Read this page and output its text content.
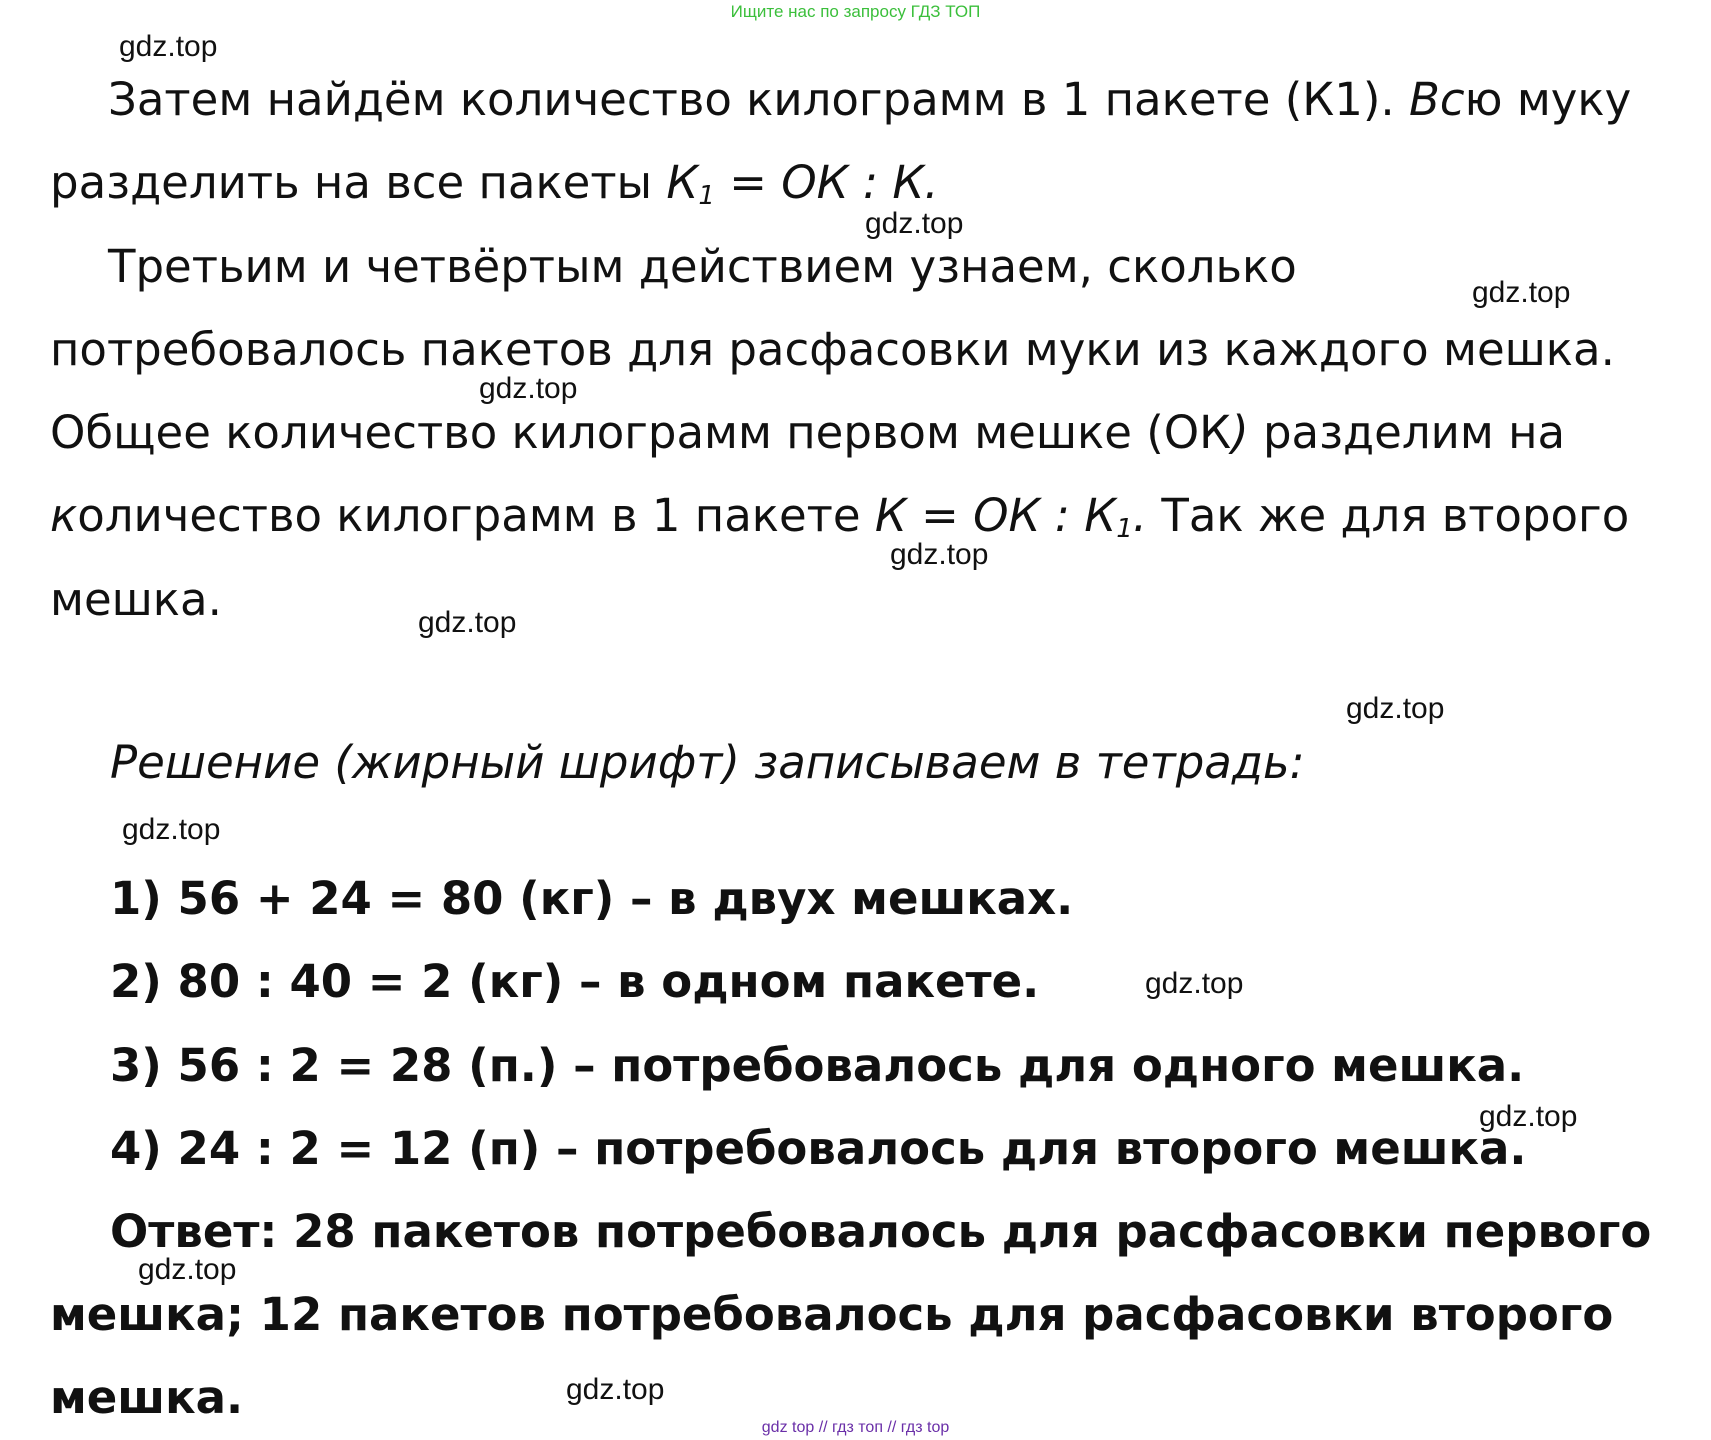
Ищите нас по запросу ГДЗ ТОП
gdz.top
gdz.top
gdz.top
gdz.top
gdz.top
gdz.top
gdz.top
gdz.top
gdz.top
gdz.top
gdz.top
gdz.top
Затем найдём количество килограмм в 1 пакете (К1). Всю муку
разделить на все пакеты $К_1$ = ОК : К.
Третьим и четвёртым действием узнаем, сколько
потребовалось пакетов для расфасовки муки из каждого мешка.
Общее количество килограмм первом мешке (ОК) разделим на
количество килограмм в 1 пакете К = ОК : $К_1$. Так же для второго
мешка.
Решение (жирный шрифт) записываем в тетрадь:
1) 56 + 24 = 80 (кг) – в двух мешках.
2) 80 : 40 = 2 (кг) – в одном пакете.
3) 56 : 2 = 28 (п.) – потребовалось для одного мешка.
4) 24 : 2 = 12 (п) – потребовалось для второго мешка.
Ответ: 28 пакетов потребовалось для расфасовки первого
мешка; 12 пакетов потребовалось для расфасовки второго
мешка.
gdz top // гдз топ // гдз top
